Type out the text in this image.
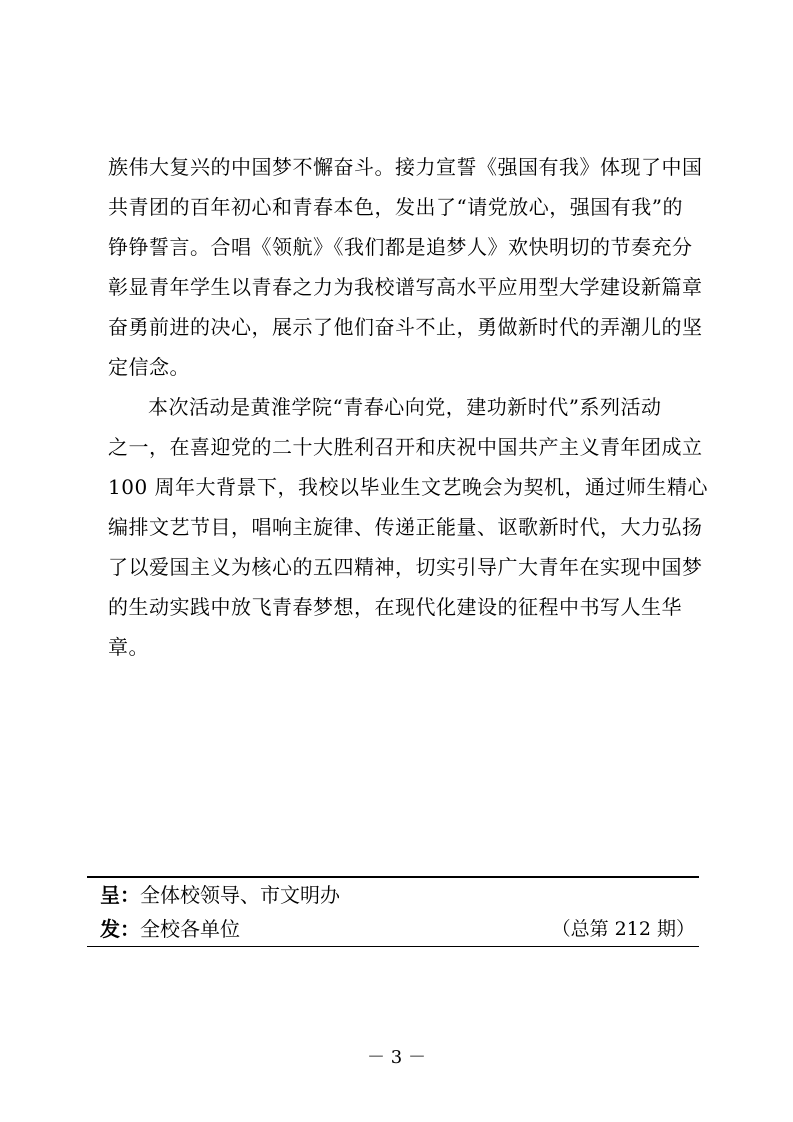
族伟大复兴的中国梦不懈奋斗。接力宣誓《强国有我》体现了中国
共青团的百年初心和青春本色，发出了“请党放心，强国有我”的
铮铮誓言。合唱《领航》《我们都是追梦人》欢快明切的节奏充分
彰显青年学生以青春之力为我校谱写高水平应用型大学建设新篇章
奋勇前进的决心，展示了他们奋斗不止，勇做新时代的弄潮儿的坚
定信念。
本次活动是黄淮学院“青春心向党，建功新时代”系列活动
之一，在喜迎党的二十大胜利召开和庆祝中国共产主义青年团成立
100 周年大背景下，我校以毕业生文艺晚会为契机，通过师生精心
编排文艺节目，唱响主旋律、传递正能量、讴歌新时代，大力弘扬
了以爱国主义为核心的五四精神，切实引导广大青年在实现中国梦
的生动实践中放飞青春梦想，在现代化建设的征程中书写人生华
章。
呈：全体校领导、市文明办
发：全校各单位	（总第 212 期）
－ 3 －
